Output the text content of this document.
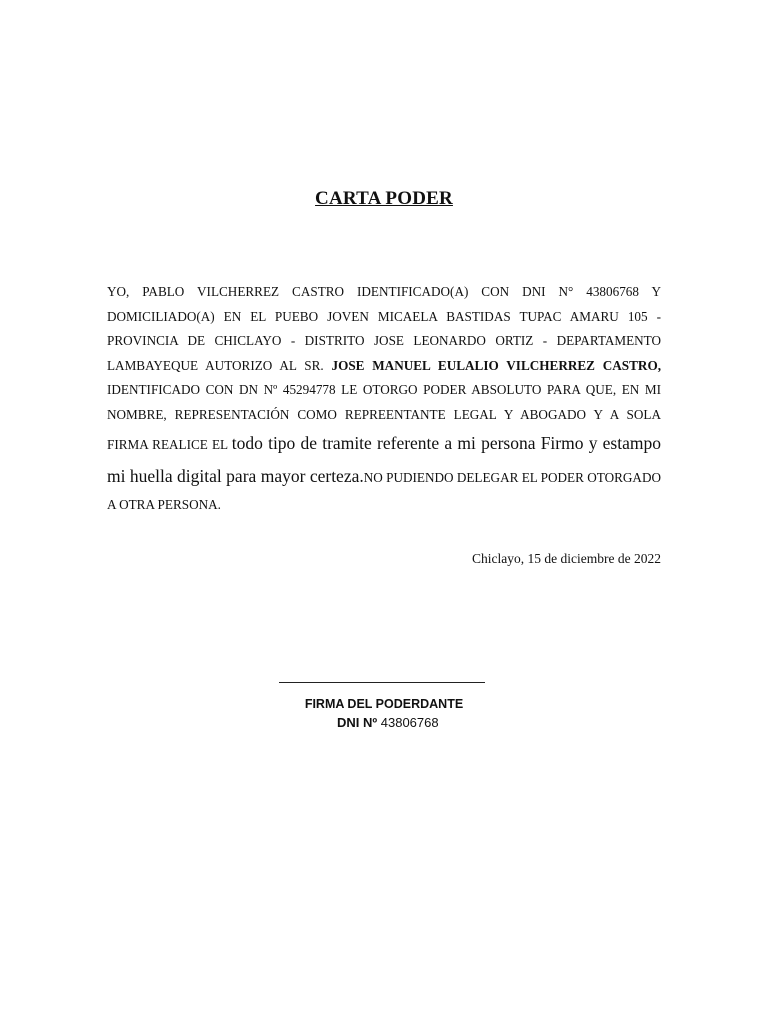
CARTA PODER
YO, PABLO VILCHERREZ CASTRO IDENTIFICADO(A) CON DNI N° 43806768 Y DOMICILIADO(A) EN EL PUEBO JOVEN MICAELA BASTIDAS TUPAC AMARU 105 - PROVINCIA DE CHICLAYO - DISTRITO JOSE LEONARDO ORTIZ - DEPARTAMENTO LAMBAYEQUE AUTORIZO AL SR. JOSE MANUEL EULALIO VILCHERREZ CASTRO, IDENTIFICADO CON DN Nº 45294778 LE OTORGO PODER ABSOLUTO PARA QUE, EN MI NOMBRE, REPRESENTACIÓN COMO REPREENTANTE LEGAL Y ABOGADO Y A SOLA FIRMA REALICE EL todo tipo de tramite referente a mi persona Firmo y estampo mi huella digital para mayor certeza.NO PUDIENDO DELEGAR EL PODER OTORGADO A OTRA PERSONA.
Chiclayo, 15 de diciembre de 2022
FIRMA DEL PODERDANTE
DNI Nº 43806768
